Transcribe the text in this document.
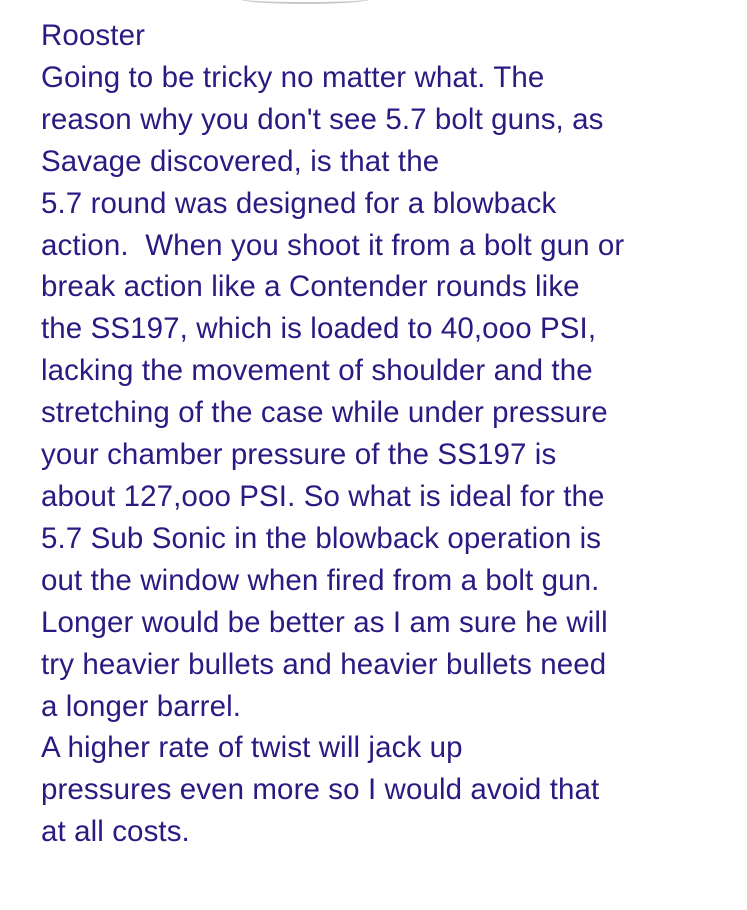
Rooster
Going to be tricky no matter what. The
reason why you don't see 5.7 bolt guns, as
Savage discovered, is that the
5.7 round was designed for a blowback
action.  When you shoot it from a bolt gun or
break action like a Contender rounds like
the SS197, which is loaded to 40,ooo PSI,
lacking the movement of shoulder and the
stretching of the case while under pressure
your chamber pressure of the SS197 is
about 127,ooo PSI. So what is ideal for the
5.7 Sub Sonic in the blowback operation is
out the window when fired from a bolt gun.
Longer would be better as I am sure he will
try heavier bullets and heavier bullets need
a longer barrel.
A higher rate of twist will jack up
pressures even more so I would avoid that
at all costs.
